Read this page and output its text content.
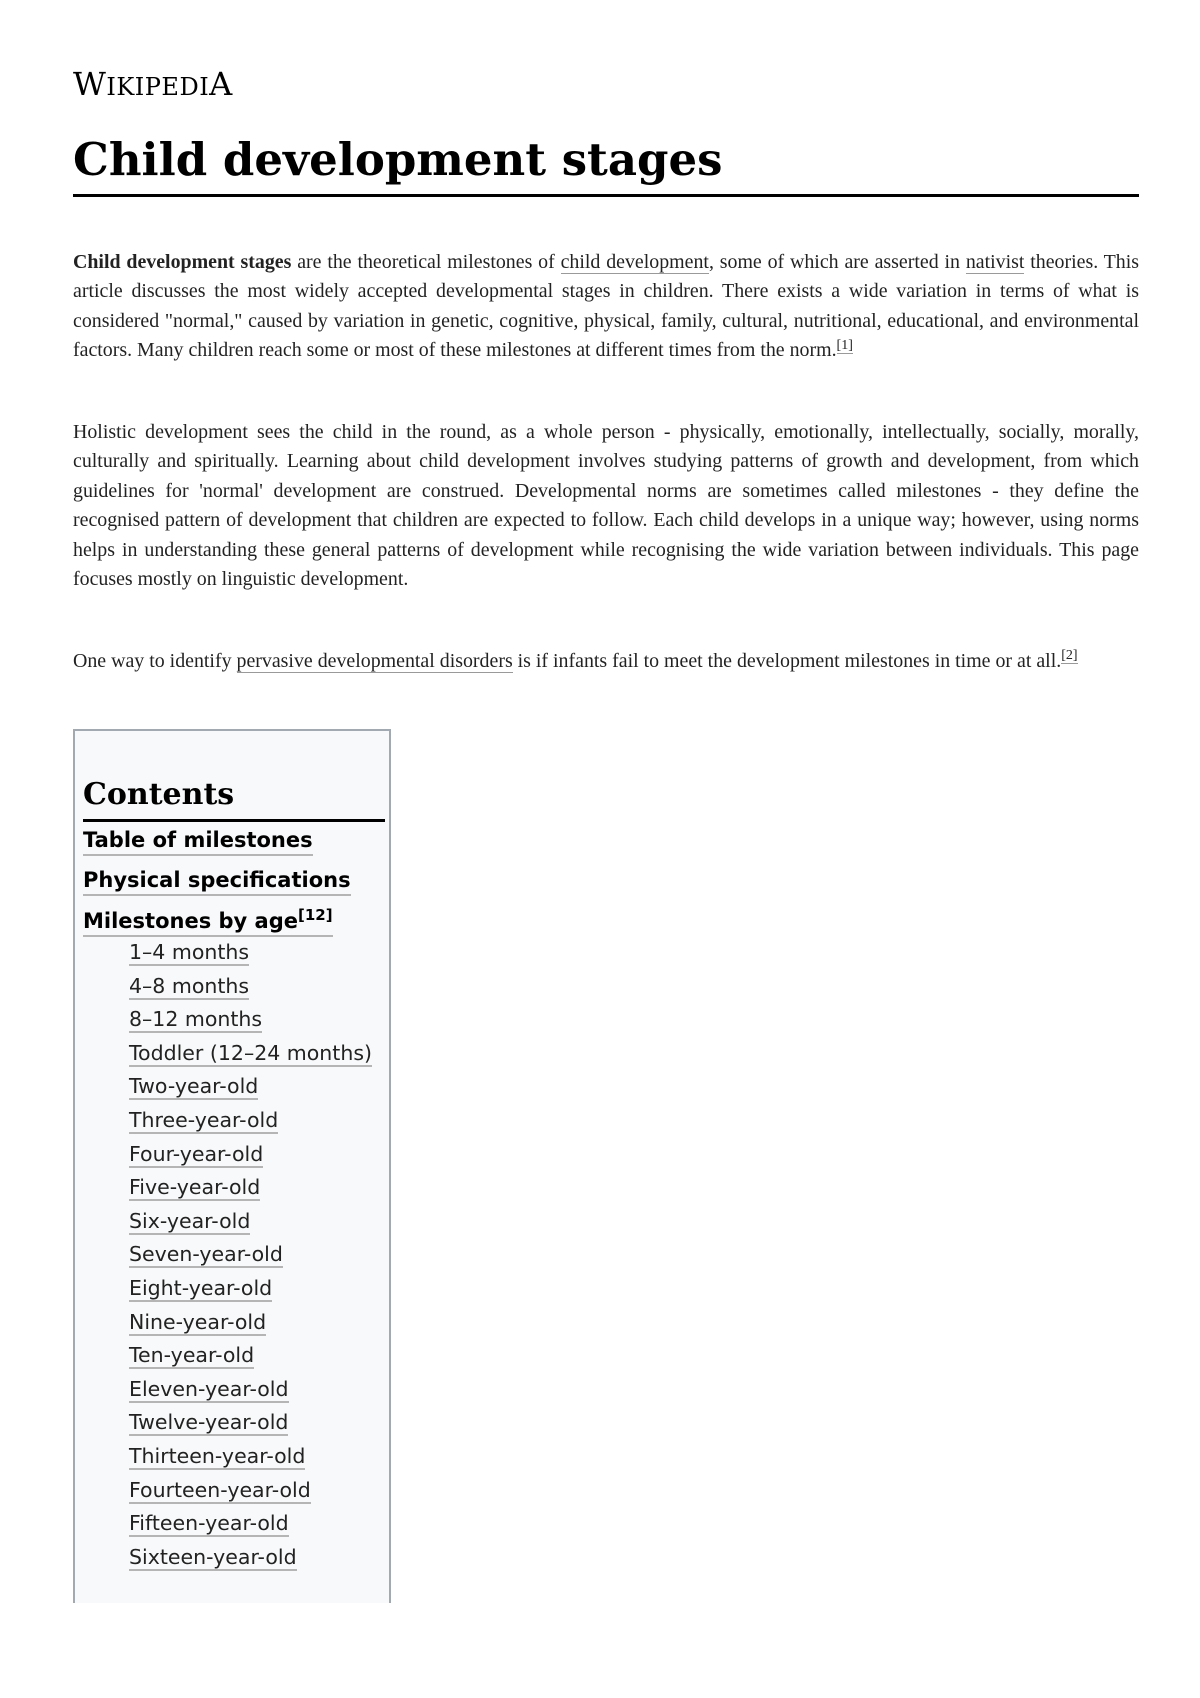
WIKIPEDIA
Child development stages

Child development stages are the theoretical milestones of child development, some of which are asserted in nativist theories. This article discusses the most widely accepted developmental stages in children. There exists a wide variation in terms of what is considered "normal," caused by variation in genetic, cognitive, physical, family, cultural, nutritional, educational, and environmental factors. Many children reach some or most of these milestones at different times from the norm.[1]

Holistic development sees the child in the round, as a whole person - physically, emotionally, intellectually, socially, morally, culturally and spiritually. Learning about child development involves studying patterns of growth and development, from which guidelines for 'normal' development are construed. Developmental norms are sometimes called milestones - they define the recognised pattern of development that children are expected to follow. Each child develops in a unique way; however, using norms helps in understanding these general patterns of development while recognising the wide variation between individuals. This page focuses mostly on linguistic development.

One way to identify pervasive developmental disorders is if infants fail to meet the development milestones in time or at all.[2]

Contents
Table of milestones
Physical specifications
Milestones by age[12]
1–4 months
4–8 months
8–12 months
Toddler (12–24 months)
Two-year-old
Three-year-old
Four-year-old
Five-year-old
Six-year-old
Seven-year-old
Eight-year-old
Nine-year-old
Ten-year-old
Eleven-year-old
Twelve-year-old
Thirteen-year-old
Fourteen-year-old
Fifteen-year-old
Sixteen-year-old
